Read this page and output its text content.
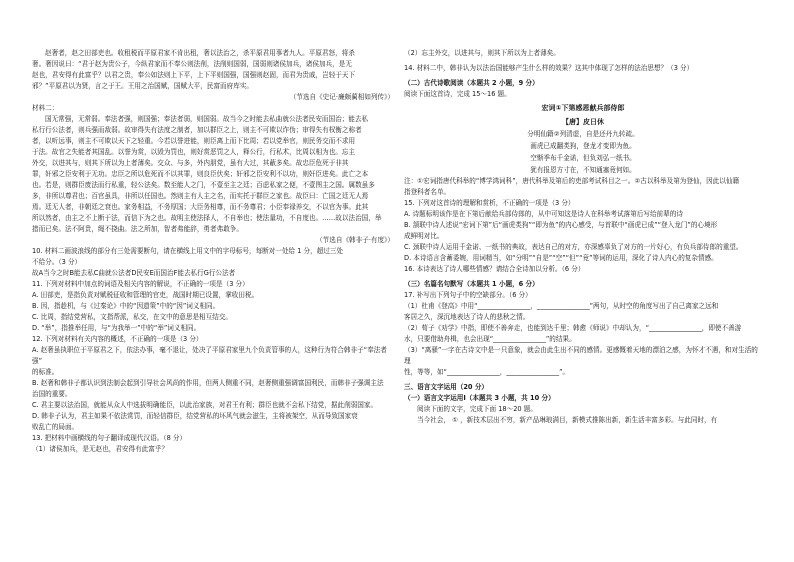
赵奢者，赵之田部吏也。收租税而平原君家不肯出租，奢以法治之，杀平原君用事者九人。平原君怒，将杀

奢。奢因说曰：“君于赵为贵公子，今纵君家而不奉公则法削，法削则国弱，国弱则诸侯加兵，诸侯加兵，是无

赵也，君安得有此富乎？以君之贵，奉公如法则上下平，上下平则国强，国强则赵固，而君为贵戚，岂轻于天下

邪？”平原君以为贤，言之于王。王用之治国赋，国赋大平，民富而府库实。

（节选自《史记·廉颇蔺相如列传》）

材料二：

国无常强，无常弱。奉法者强，则国强；奉法者弱，则国弱。故当今之时能去私曲就公法者民安而国治；能去私

私行行公法者，则兵强而敌弱。故审得失有法度之制者，加以群臣之上，则主不可欺以诈伪；审得失有权衡之称者

者，以听远事，则主不可欺以天下之轻重。今若以誉进能，则臣离上而下比周；若以党举官，则民务交而不求用

于法。故官之失能者其国乱。以誉为赏，以毁为罚也，则好赏恶罚之人，释公行，行私术，比周以相为也。忘主

外交，以进其与，则其下所以为上者薄矣。交众、与多，外内朋党，虽有大过，其蔽多矣。故忠臣危死于非其

罪，奸邪之臣安利于无功。忠臣之所以危死而不以其罪，则良臣伏矣；奸邪之臣安利不以功，则奸臣进矣。此亡之本

也。若是，则群臣废法而行私重，轻公法矣。数至能人之门，不壹至主之廷；百虑私家之便，不壹图主之国。属数虽多

多，非所以尊君也；百官虽具，非所以任国也。然则主有人主之名，而实托于群臣之家也。故臣曰：亡国之廷无人焉

焉。廷无人者，非朝廷之衰也。家务相益，不务厚国；大臣务相尊，而不务尊君；小臣奉禄养交，不以官为事。此其

所以然者，由主之不上断于法，而信下为之也。故明主使法择人，不自举也；使法量功，不自度也。……故以法治国，举

措而已矣。法不阿贵，绳不挠曲。法之所加，智者弗能辞，勇者弗敢争。

（节选自《韩非子·有度》）

10. 材料二画波浪线的部分有三处需要断句，请在横线上用文中的字母标号，每断对一处给 1 分，超过三处

不给分。（3 分）

故A当今之时B能去私C曲就公法者D民安E而国治F能去私行G行公法者

11. 下列对材料中加点的词语及相关内容的解说，不正确的一项是（3 分）

A. 田部吏，是指负责对赋税征收和管理的官吏，战国时期已设置，掌收田税。

B. 因，指趁机，与《过秦论》中的“因遗策”中的“因”词义相同。

C. 比周，指结党营私，文指帮派，私交，在文中的意思是相互结交。

D. “举”，指推举任用，与“为我举一”中的“举”词义相同。

12. 下列对材料有关内容的概述，不正确的一项是（3 分）

A. 赵奢虽执职位于平原君之下，依法办事，毫不退让，处决了平原君家里九个负责管事的人，这种行为符合韩非子“奉法者强”

的标准。

B. 赵奢和韩非子都认识到法制会起到引导社会风尚的作用，但两人侧重不同，赵奢侧重强调富国利民，而韩非子强调主法

治国的重要。

C. 君主要以法治国，就能从众人中选拔明确能臣，以此治家族，对君王有利；群臣也就不会私下结党，据此削弱国家。

D. 韩非子认为，君主如果不依法赏罚，而轻信群臣，结党营私的坏风气就会滋生，主将被架空，从而导致国家衰

败乱亡的局面。

13. 把材料中画横线的句子翻译成现代汉语。（8 分）

（1）诸侯加兵，是无赵也，君安得有此富乎？

（2）忘主外交，以进其与，则其下所以为上者薄矣。

14. 材料二中，韩非认为以法治国能够产生什么样的效果？这其中体现了怎样的法治思想？（3 分）

（二）古代诗歌阅读（本题共 2 小题，9 分）

阅读下面这首诗，完成 15～16 题。

宏词①下第感恩献兵部侍郎

【唐】皮日休

分明仙籍②列清虚，自是还丹九转疏。

画虎已成翻类狗，登龙才变即为鱼。

空惭季布千金诺，但负刘弘一纸书。

犹有报恩方寸在，不知通塞竟何如。

注：①宏词指唐代科举的“博学鸿词科”，唐代科举及第后的吏部考试科目之一。②古以科举及第为登仙，因此以仙籍

指登科者名单。

15. 下列对这首诗的理解和赏析，不正确的一项是（3 分）

A. 诗题标明该作是在下第后献给兵部侍郎的，从中可知这是诗人在科举考试落第后写给前辈的诗

B. 颔联中诗人述说“宏词下第”后“画虎类狗”“即为鱼”的内心感受，与首联中“画虎已成”“登入龙门”的心境形

成鲜明对比。

C. 颈联中诗人运用千金诺、一纸书的典故，表达自己的对方，亦深感辜负了对方的一片好心，有负兵部侍郎的重望。

D. 本诗语言含蓄委婉，用词精当，如“分明”“自是”“空”“但”“竟”等词的运用，深化了诗人内心的复杂情感。

16. 本诗表达了诗人哪些情感？请结合全诗加以分析。（6 分）

（三）名篇名句默写（本题共 1 小题，6 分）

17. 补写出下列句子中的空缺部分。（6 分）

（1）杜甫《登高》中用“________________，________________”两句，从时空的角度写出了自己离家之远和

客居之久，深沉地表达了诗人的悲秋之情。

（2）荀子《劝学》中指，即使不善奔走，也能到达千里；韩愈《师说》中却认为，“________________，即使不善游

水，只要借助舟楫，也会出现“________________”的结果。

（3）“离骚”一字在古诗文中是一只意象，就会由此生出不同的感情。更感慨着天地的漂泊之感，为怀才不遇，和对生活的理

性，等等，如“________________，________________”。

三、语言文字运用（20 分）

（一）语言文字运用Ⅰ（本题共 3 小题，共 10 分）

阅读下面的文字，完成下面 18～20 题。

当今社会， ① ，新技术层出不穷，新产品琳琅满目，新模式推陈出新，新生活丰富多彩。与此同时，有
